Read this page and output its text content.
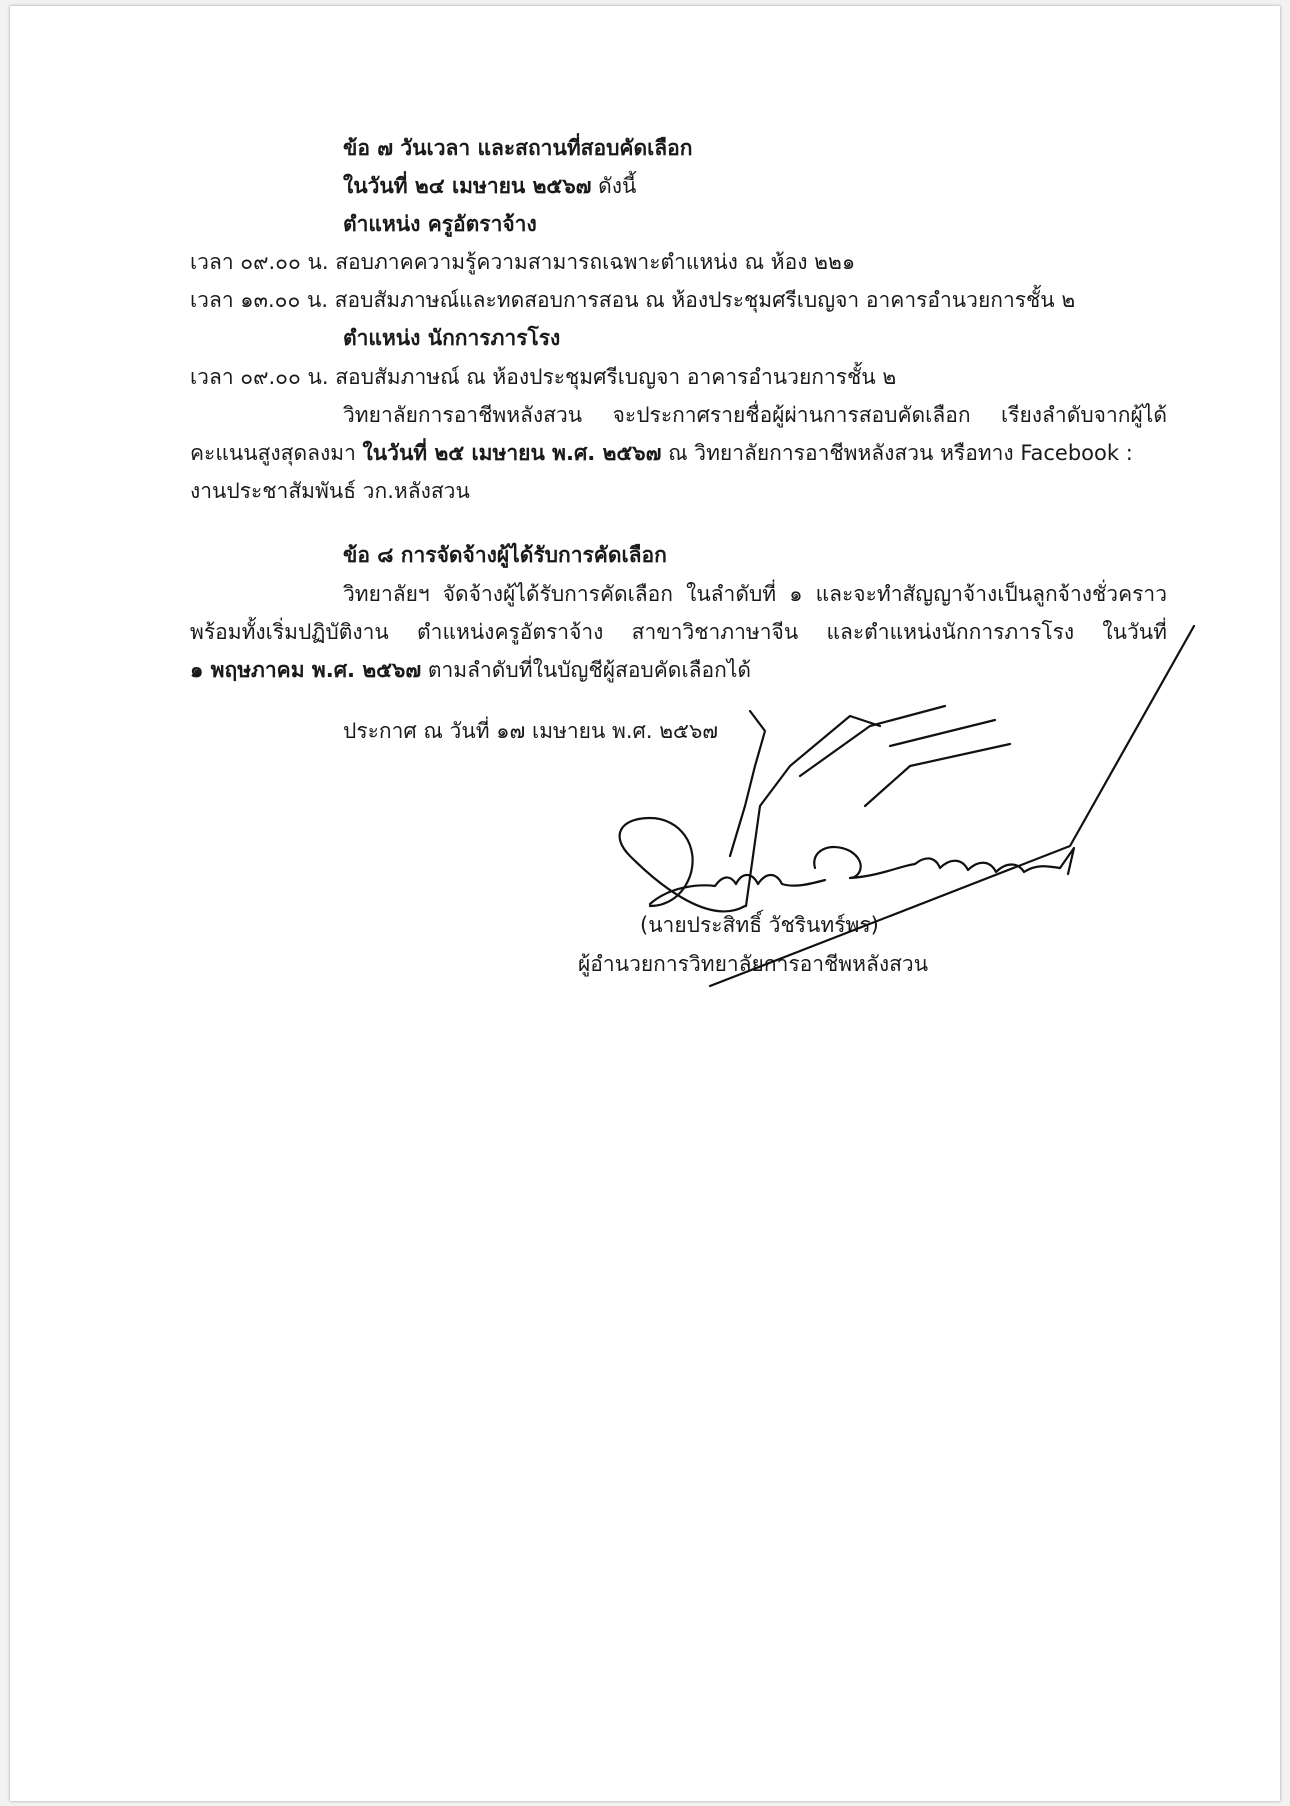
ข้อ ๗ วันเวลา และสถานที่สอบคัดเลือก
ในวันที่ ๒๔ เมษายน ๒๕๖๗ ดังนี้
ตำแหน่ง ครูอัตราจ้าง
เวลา ๐๙.๐๐ น. สอบภาคความรู้ความสามารถเฉพาะตำแหน่ง ณ ห้อง ๒๒๑
เวลา ๑๓.๐๐ น. สอบสัมภาษณ์และทดสอบการสอน ณ ห้องประชุมศรีเบญจา อาคารอำนวยการชั้น ๒
ตำแหน่ง นักการภารโรง
เวลา ๐๙.๐๐ น. สอบสัมภาษณ์ ณ ห้องประชุมศรีเบญจา อาคารอำนวยการชั้น ๒
วิทยาลัยการอาชีพหลังสวน จะประกาศรายชื่อผู้ผ่านการสอบคัดเลือก เรียงลำดับจากผู้ได้
คะแนนสูงสุดลงมา ในวันที่ ๒๕ เมษายน พ.ศ. ๒๕๖๗ ณ วิทยาลัยการอาชีพหลังสวน หรือทาง Facebook :
งานประชาสัมพันธ์ วก.หลังสวน
ข้อ ๘ การจัดจ้างผู้ได้รับการคัดเลือก
วิทยาลัยฯ จัดจ้างผู้ได้รับการคัดเลือก ในลำดับที่ ๑ และจะทำสัญญาจ้างเป็นลูกจ้างชั่วคราว
พร้อมทั้งเริ่มปฏิบัติงาน ตำแหน่งครูอัตราจ้าง สาขาวิชาภาษาจีน และตำแหน่งนักการภารโรง ในวันที่
๑ พฤษภาคม พ.ศ. ๒๕๖๗ ตามลำดับที่ในบัญชีผู้สอบคัดเลือกได้
ประกาศ ณ วันที่ ๑๗ เมษายน พ.ศ. ๒๕๖๗
(นายประสิทธิ์ วัชรินทร์พร)
ผู้อำนวยการวิทยาลัยการอาชีพหลังสวน
